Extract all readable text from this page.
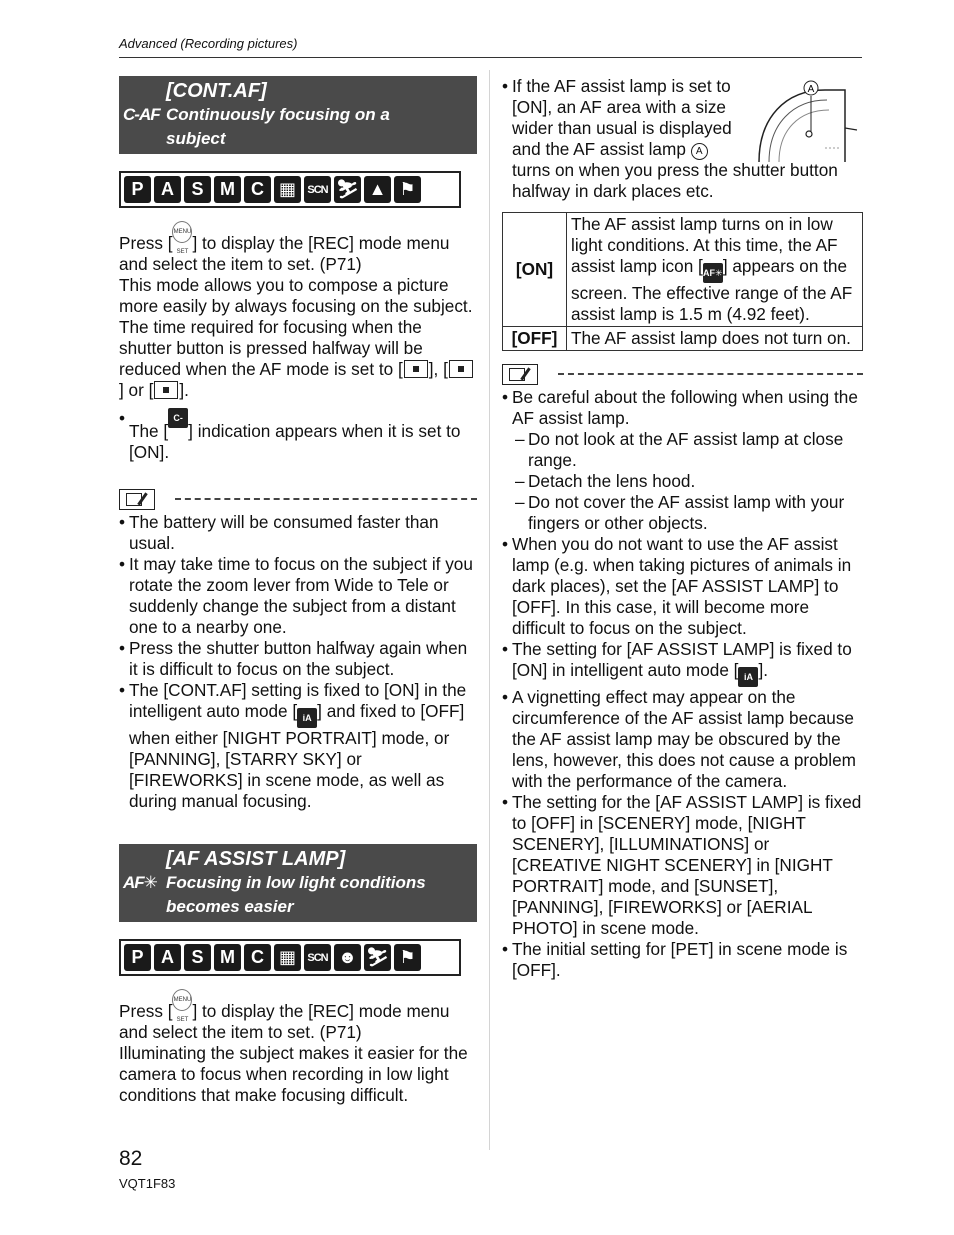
Advanced (Recording pictures)
C-AF
[CONT.AF]
Continuously focusing on a
subject
P A S M C ▦	SCN ⛷ ▲ ⚑

Press [MENU SET ] to display the [REC] mode menu and select the item to set. (P71)

This mode allows you to compose a picture more easily by always focusing on the subject.

The time required for focusing when the shutter button is pressed halfway will be reduced when the AF mode is set to [ ], [] or [ ].

• The [C-AF ] indication appears when it is set to [ON].
• The battery will be consumed faster than usual.
• It may take time to focus on the subject if you rotate the zoom lever from Wide to Tele or suddenly change the subject from a distant one to a nearby one.
• Press the shutter button halfway again when it is difficult to focus on the subject.
• The [CONT.AF] setting is fixed to [ON] in the intelligent auto mode [ iA ] and fixed to [OFF] when either [NIGHT PORTRAIT] mode, or [PANNING], [STARRY SKY] or [FIREWORKS] in scene mode, as well as during manual focusing.
AF✳
[AF ASSIST LAMP]
Focusing in low light conditions
becomes easier
P A S M C ▦	SCN ☻ ⛷ ⚑

Press [MENU SET ] to display the [REC] mode menu and select the item to set. (P71)

Illuminating the subject makes it easier for the camera to focus when recording in low light conditions that make focusing difficult.

A
• If the AF assist lamp is set to [ON], an AF area with a size wider than usual is displayed and the AF assist lamp A
turns on when you press the shutter button halfway in dark places etc.
[ON]	The AF assist lamp turns on in low light conditions. At this time, the AF assist lamp icon [AF✳] appears on the screen. The effective range of the AF assist lamp is 1.5 m (4.92 feet).
[OFF]	The AF assist lamp does not turn on.
• Be careful about the following when using the AF assist lamp.
– Do not look at the AF assist lamp at close range.
– Detach the lens hood.
– Do not cover the AF assist lamp with your fingers or other objects.
• When you do not want to use the AF assist lamp (e.g. when taking pictures of animals in dark places), set the [AF ASSIST LAMP] to [OFF]. In this case, it will become more difficult to focus on the subject.
• The setting for [AF ASSIST LAMP] is fixed to [ON] in intelligent auto mode [ iA ].
• A vignetting effect may appear on the circumference of the AF assist lamp because the AF assist lamp may be obscured by the lens, however, this does not cause a problem with the performance of the camera.
• The setting for the [AF ASSIST LAMP] is fixed to [OFF] in [SCENERY] mode, [NIGHT SCENERY], [ILLUMINATIONS] or [CREATIVE NIGHT SCENERY] in [NIGHT PORTRAIT] mode, and [SUNSET], [PANNING], [FIREWORKS] or [AERIAL PHOTO] in scene mode.
• The initial setting for [PET] in scene mode is [OFF].
82
VQT1F83
